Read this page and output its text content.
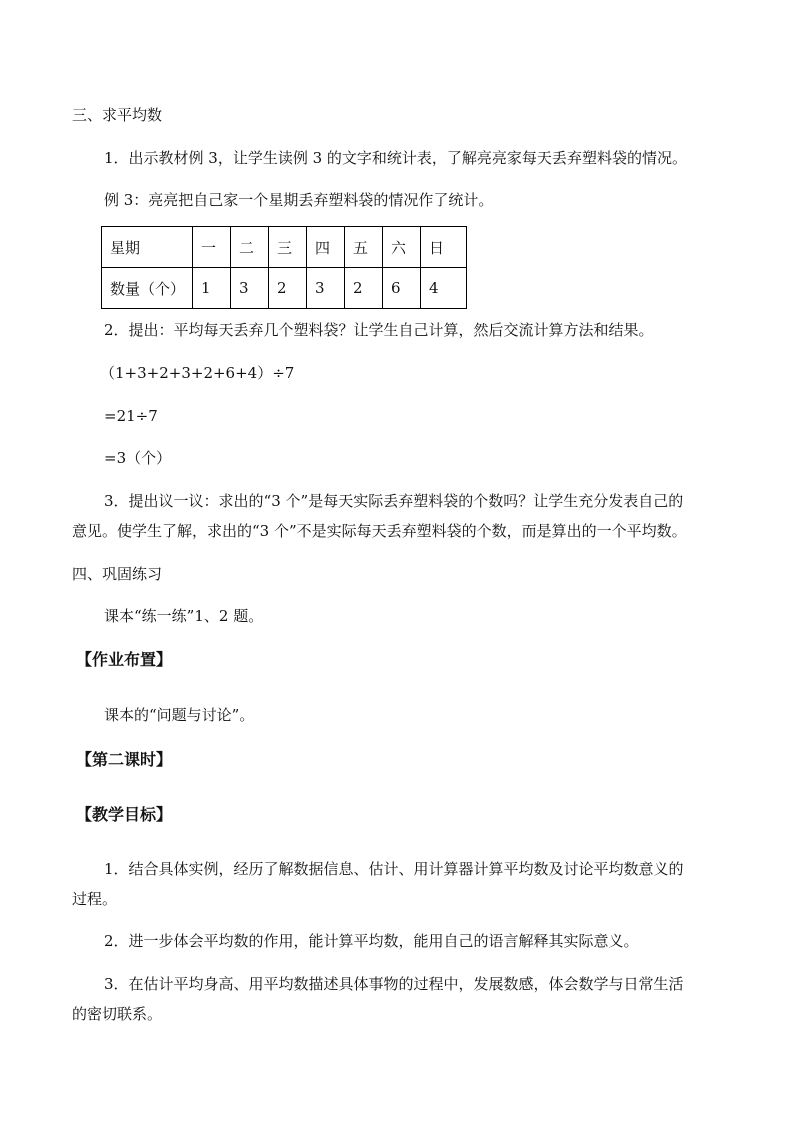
三、求平均数
1．出示教材例 3，让学生读例 3 的文字和统计表，了解亮亮家每天丢弃塑料袋的情况。
例 3：亮亮把自己家一个星期丢弃塑料袋的情况作了统计。
星期	一	二	三	四	五	六	日
数量（个）	1	3	2	3	2	6	4
2．提出：平均每天丢弃几个塑料袋？让学生自己计算，然后交流计算方法和结果。
（1+3+2+3+2+6+4）÷7
=21÷7
=3（个）
3．提出议一议：求出的“3 个”是每天实际丢弃塑料袋的个数吗？让学生充分发表自己的
意见。使学生了解，求出的“3 个”不是实际每天丢弃塑料袋的个数，而是算出的一个平均数。
四、巩固练习
课本“练一练”1、2 题。
【作业布置】
课本的“问题与讨论”。
【第二课时】
【教学目标】
1．结合具体实例，经历了解数据信息、估计、用计算器计算平均数及讨论平均数意义的
过程。
2．进一步体会平均数的作用，能计算平均数，能用自己的语言解释其实际意义。
3．在估计平均身高、用平均数描述具体事物的过程中，发展数感，体会数学与日常生活
的密切联系。
